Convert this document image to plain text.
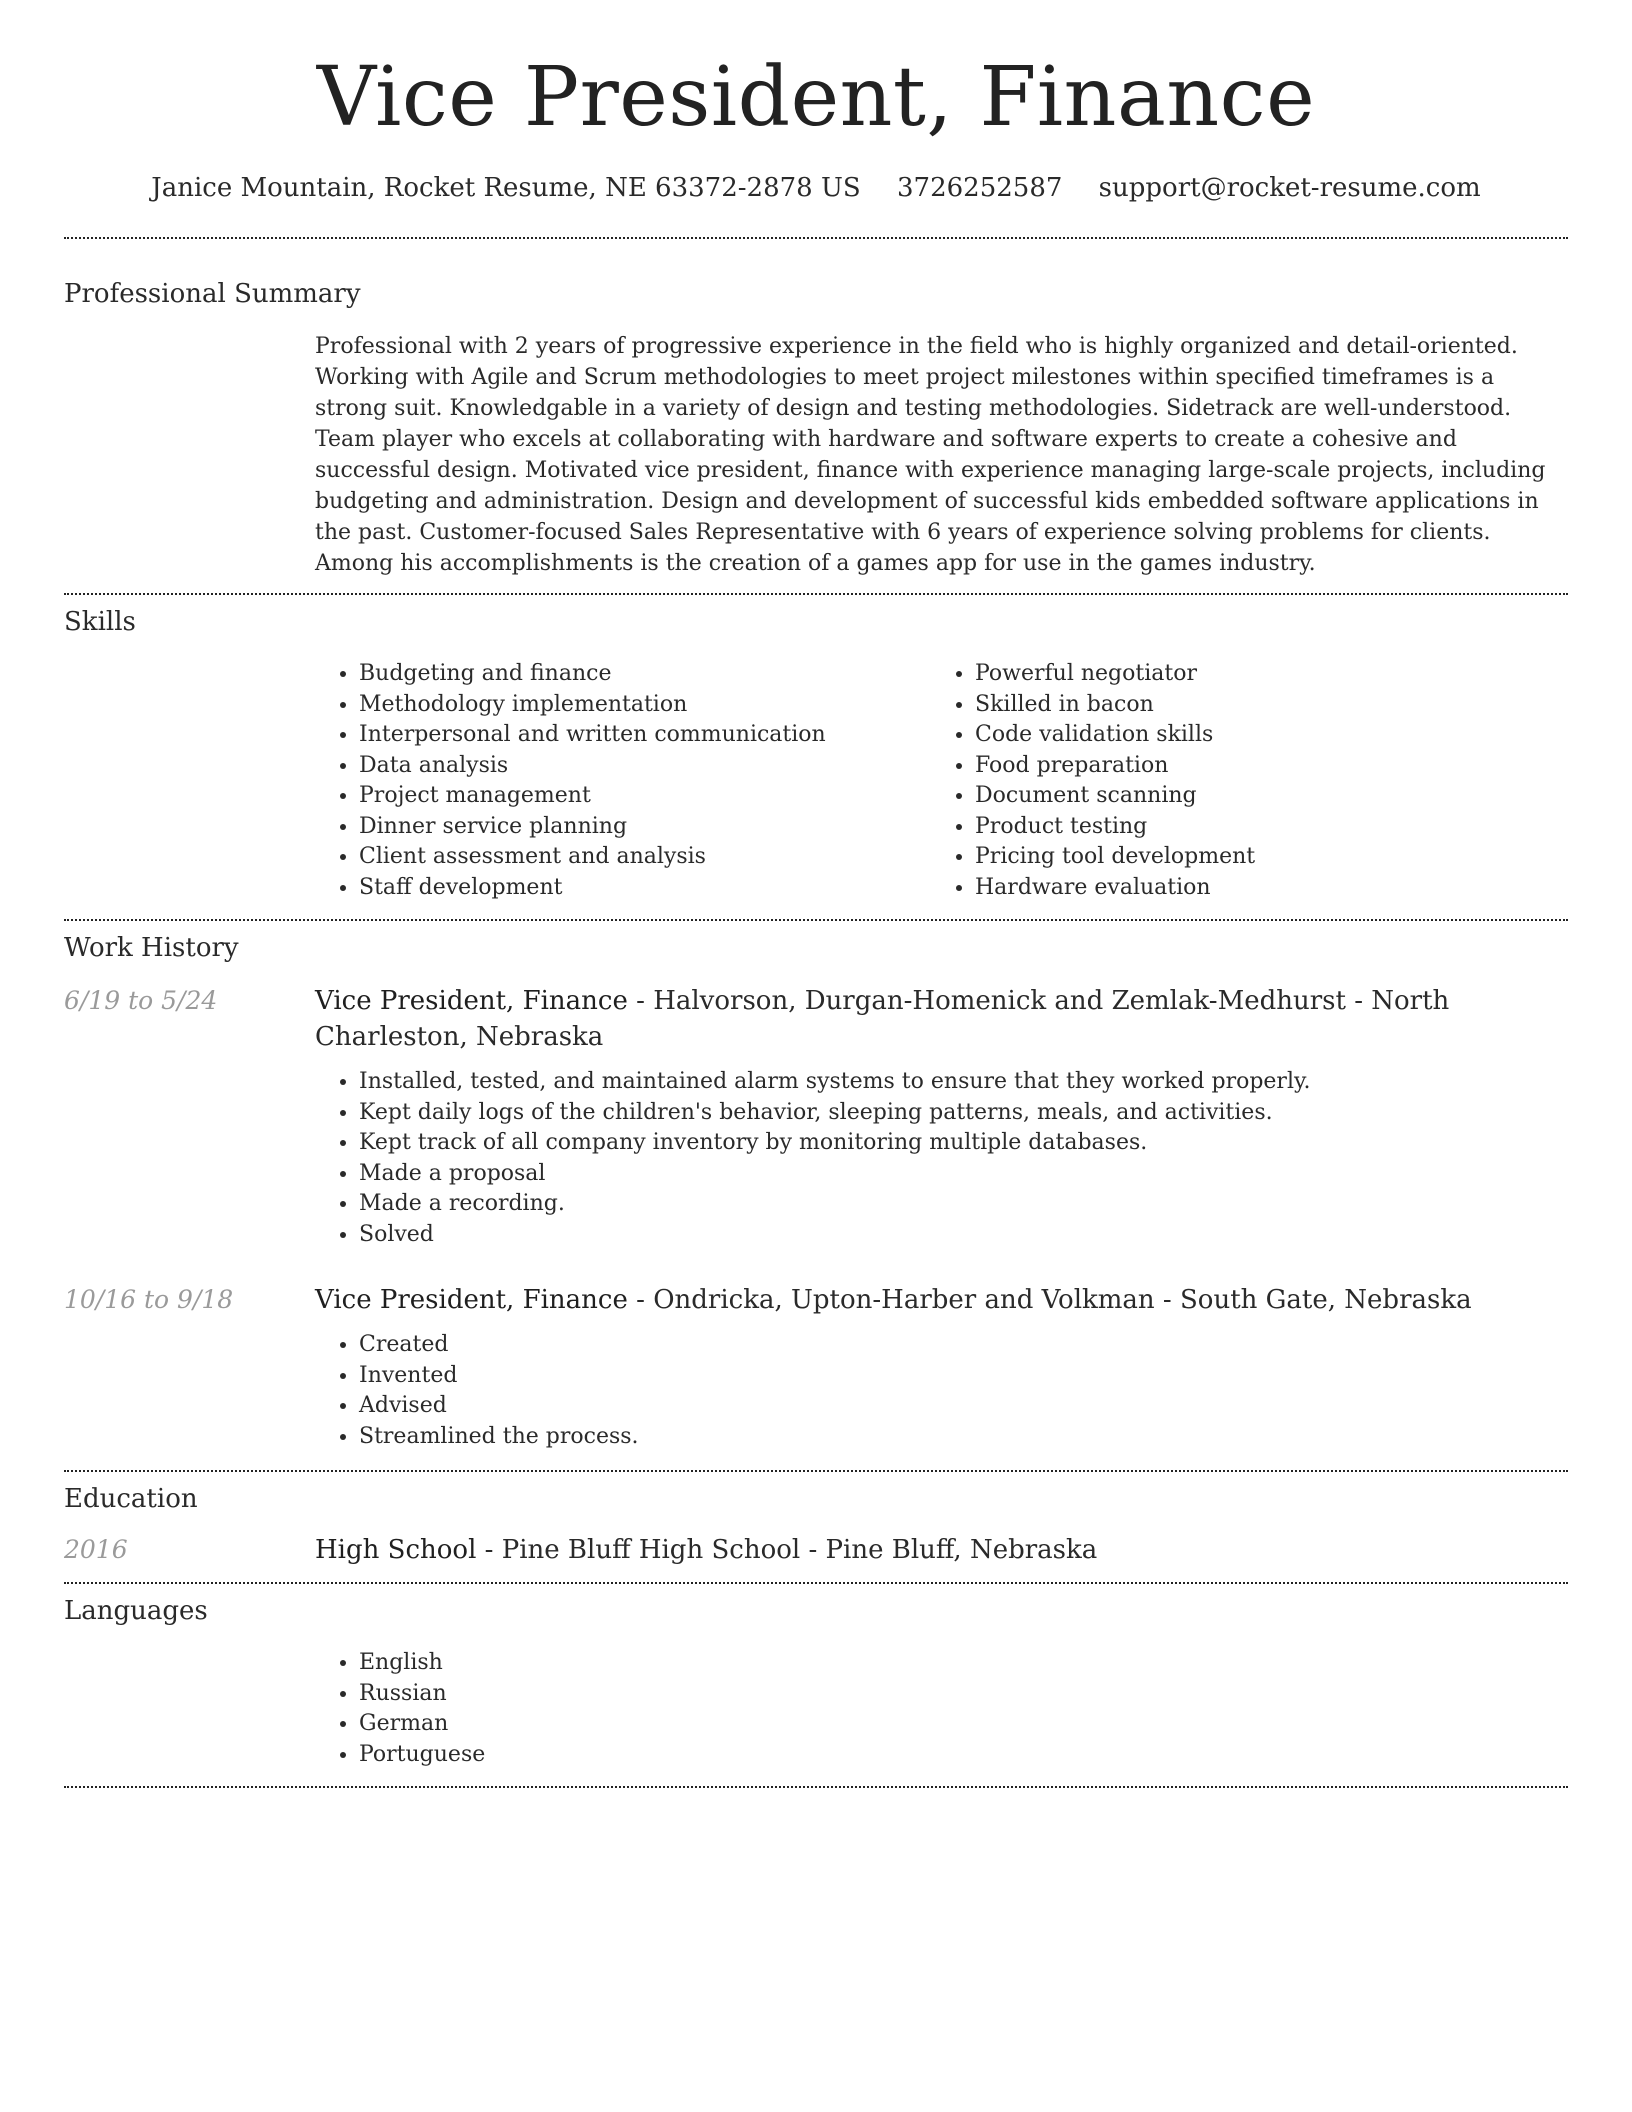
Vice President, Finance
Janice Mountain, Rocket Resume, NE 63372-2878 US 3726252587 support@rocket-resume.com
Professional Summary

Professional with 2 years of progressive experience in the field who is highly organized and detail-oriented. Working with Agile and Scrum methodologies to meet project milestones within specified timeframes is a strong suit. Knowledgable in a variety of design and testing methodologies. Sidetrack are well-understood. Team player who excels at collaborating with hardware and software experts to create a cohesive and successful design. Motivated vice president, finance with experience managing large-scale projects, including budgeting and administration. Design and development of successful kids embedded software applications in the past. Customer-focused Sales Representative with 6 years of experience solving problems for clients. Among his accomplishments is the creation of a games app for use in the games industry.

Skills
• Budgeting and finance
• Methodology implementation
• Interpersonal and written communication
• Data analysis
• Project management
• Dinner service planning
• Client assessment and analysis
• Staff development
• Powerful negotiator
• Skilled in bacon
• Code validation skills
• Food preparation
• Document scanning
• Product testing
• Pricing tool development
• Hardware evaluation
Work History
6/19 to 5/24	Vice President, Finance - Halvorson, Durgan-Homenick and Zemlak-Medhurst - North Charleston, Nebraska
• Installed, tested, and maintained alarm systems to ensure that they worked properly.
• Kept daily logs of the children's behavior, sleeping patterns, meals, and activities.
• Kept track of all company inventory by monitoring multiple databases.
• Made a proposal
• Made a recording.
• Solved
10/16 to 9/18	Vice President, Finance - Ondricka, Upton-Harber and Volkman - South Gate, Nebraska
• Created
• Invented
• Advised
• Streamlined the process.
Education
2016	High School - Pine Bluff High School - Pine Bluff, Nebraska
Languages
• English
• Russian
• German
• Portuguese
